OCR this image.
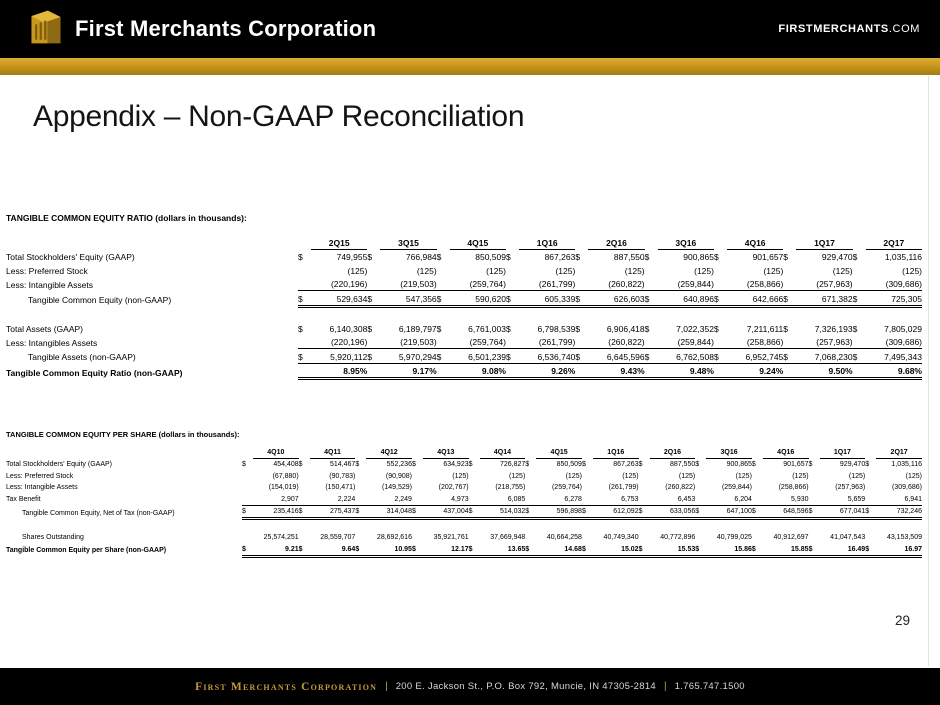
First Merchants Corporation	FIRSTMERCHANTS.COM
Appendix – Non-GAAP Reconciliation
TANGIBLE COMMON EQUITY RATIO (dollars in thousands):
		2Q15		3Q15		4Q15		1Q16		2Q16		3Q16		4Q16		1Q17		2Q17
Total Stockholders' Equity (GAAP)	$	749,955	$	766,984	$	850,509	$	867,263	$	887,550	$	900,865	$	901,657	$	929,470	$	1,035,116
Less: Preferred Stock		(125)		(125)		(125)		(125)		(125)		(125)		(125)		(125)		(125)
Less: Intangible Assets		(220,196)		(219,503)		(259,764)		(261,799)		(260,822)		(259,844)		(258,866)		(257,963)		(309,686)
Tangible Common Equity (non-GAAP)	$	529,634	$	547,356	$	590,620	$	605,339	$	626,603	$	640,896	$	642,666	$	671,382	$	725,305

Total Assets (GAAP)	$	6,140,308	$	6,189,797	$	6,761,003	$	6,798,539	$	6,906,418	$	7,022,352	$	7,211,611	$	7,326,193	$	7,805,029
Less: Intangibles Assets		(220,196)		(219,503)		(259,764)		(261,799)		(260,822)		(259,844)		(258,866)		(257,963)		(309,686)
Tangible Assets (non-GAAP)	$	5,920,112	$	5,970,294	$	6,501,239	$	6,536,740	$	6,645,596	$	6,762,508	$	6,952,745	$	7,068,230	$	7,495,343
Tangible Common Equity Ratio (non-GAAP)		8.95%		9.17%		9.08%		9.26%		9.43%		9.48%		9.24%		9.50%		9.68%
TANGIBLE COMMON EQUITY PER SHARE (dollars in thousands):
		4Q10		4Q11		4Q12		4Q13		4Q14		4Q15		1Q16		2Q16		3Q16		4Q16		1Q17		2Q17
Total Stockholders' Equity (GAAP)	$	454,408	$	514,467	$	552,236	$	634,923	$	726,827	$	850,509	$	867,263	$	887,550	$	900,865	$	901,657	$	929,470	$	1,035,116
Less: Preferred Stock		(67,880)		(90,783)		(90,908)		(125)		(125)		(125)		(125)		(125)		(125)		(125)		(125)		(125)
Less: Intangible Assets		(154,019)		(150,471)		(149,529)		(202,767)		(218,755)		(259,764)		(261,799)		(260,822)		(259,844)		(258,866)		(257,963)		(309,686)
Tax Benefit		2,907		2,224		2,249		4,973		6,085		6,278		6,753		6,453		6,204		5,930		5,659		6,941
Tangible Common Equity, Net of Tax (non-GAAP)	$	235,416	$	275,437	$	314,048	$	437,004	$	514,032	$	596,898	$	612,092	$	633,056	$	647,100	$	648,596	$	677,041	$	732,246

Shares Outstanding		25,574,251		28,559,707		28,692,616		35,921,761		37,669,948		40,664,258		40,749,340		40,772,896		40,799,025		40,912,697		41,047,543		43,153,509
Tangible Common Equity per Share (non-GAAP)	$	9.21	$	9.64	$	10.95	$	12.17	$	13.65	$	14.68	$	15.02	$	15.53	$	15.86	$	15.85	$	16.49	$	16.97
29
First Merchants Corporation | 200 E. Jackson St., P.O. Box 792, Muncie, IN 47305-2814 | 1.765.747.1500
